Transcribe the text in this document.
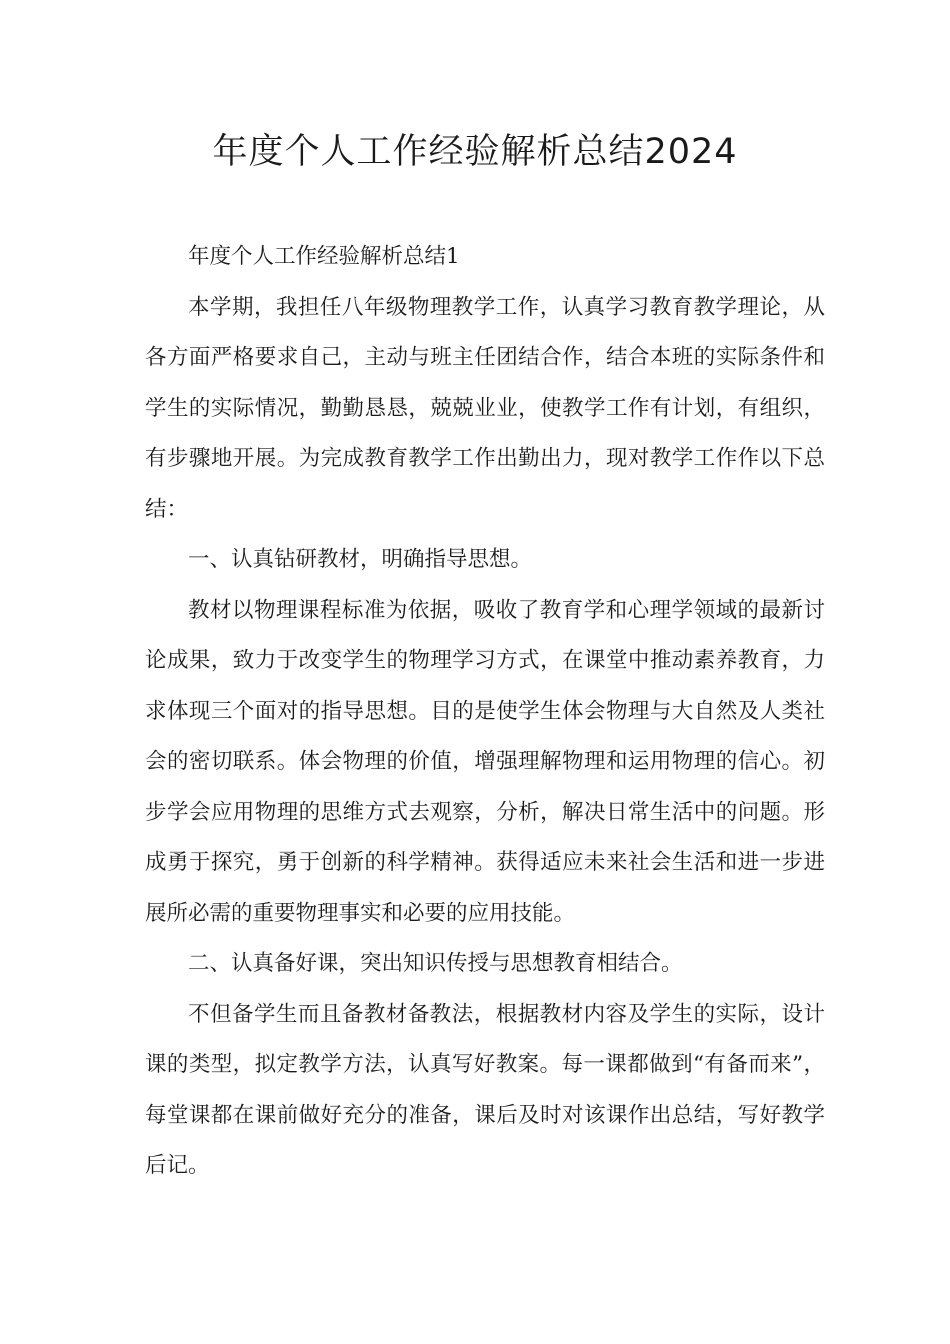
年度个人工作经验解析总结2024

年度个人工作经验解析总结1

本学期，我担任八年级物理教学工作，认真学习教育教学理论，从各方面严格要求自己，主动与班主任团结合作，结合本班的实际条件和学生的实际情况，勤勤恳恳，兢兢业业，使教学工作有计划，有组织，有步骤地开展。为完成教育教学工作出勤出力，现对教学工作作以下总结：

一、认真钻研教材，明确指导思想。

教材以物理课程标准为依据，吸收了教育学和心理学领域的最新讨论成果，致力于改变学生的物理学习方式，在课堂中推动素养教育，力求体现三个面对的指导思想。目的是使学生体会物理与大自然及人类社会的密切联系。体会物理的价值，增强理解物理和运用物理的信心。初步学会应用物理的思维方式去观察，分析，解决日常生活中的问题。形成勇于探究，勇于创新的科学精神。获得适应未来社会生活和进一步进展所必需的重要物理事实和必要的应用技能。

二、认真备好课，突出知识传授与思想教育相结合。

不但备学生而且备教材备教法，根据教材内容及学生的实际，设计课的类型，拟定教学方法，认真写好教案。每一课都做到“有备而来”，每堂课都在课前做好充分的准备，课后及时对该课作出总结，写好教学后记。
